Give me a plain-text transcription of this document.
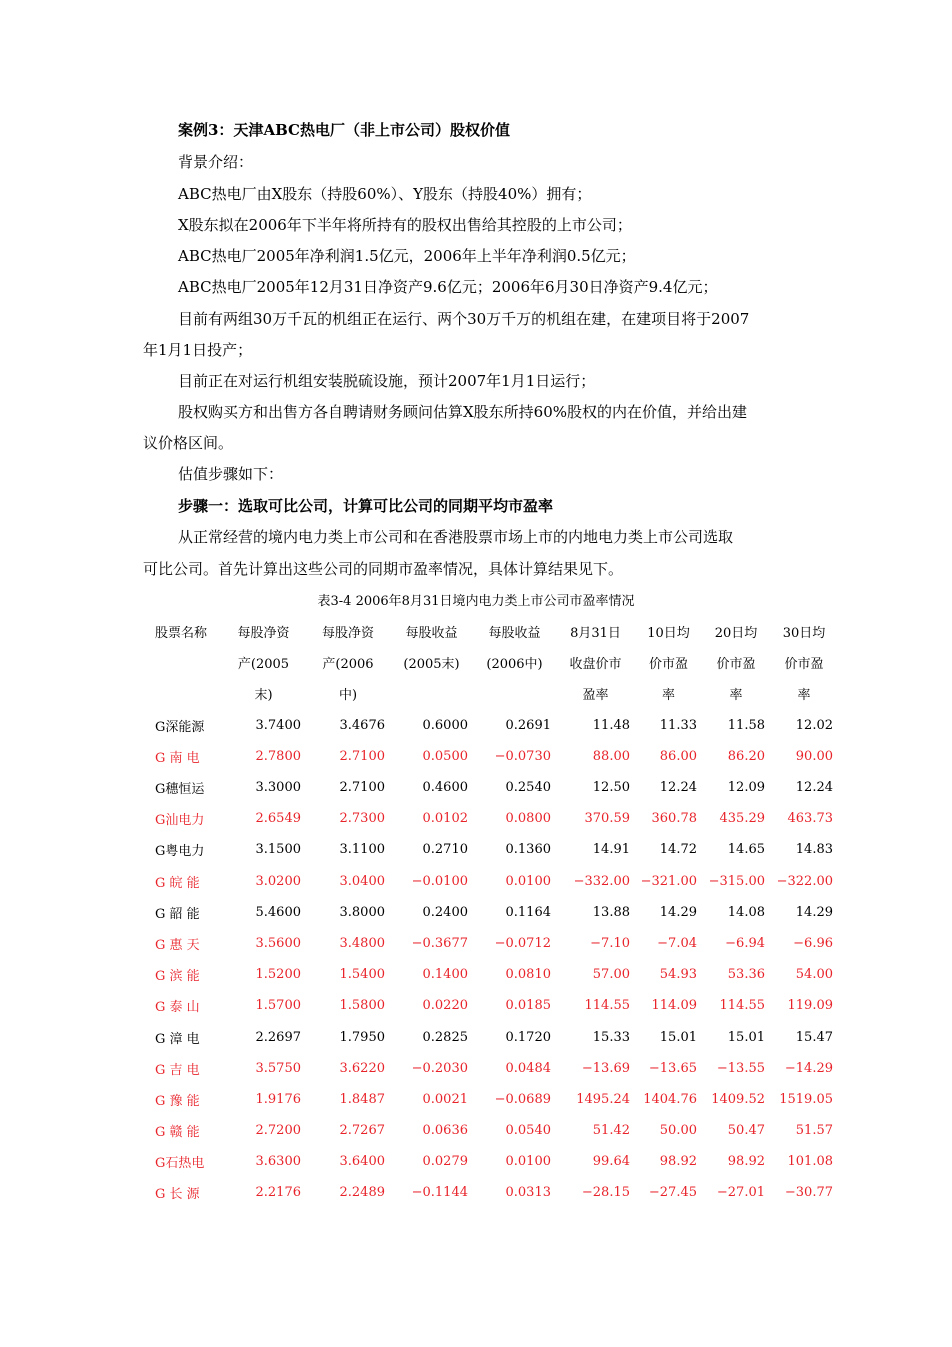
案例3：天津ABC热电厂（非上市公司）股权价值
背景介绍：
ABC热电厂由X股东（持股60%）、Y股东（持股40%）拥有；
X股东拟在2006年下半年将所持有的股权出售给其控股的上市公司；
ABC热电厂2005年净利润1.5亿元，2006年上半年净利润0.5亿元；
ABC热电厂2005年12月31日净资产9.6亿元；2006年6月30日净资产9.4亿元；
目前有两组30万千瓦的机组正在运行、两个30万千万的机组在建，在建项目将于2007
年1月1日投产；
目前正在对运行机组安装脱硫设施，预计2007年1月1日运行；
股权购买方和出售方各自聘请财务顾问估算X股东所持60%股权的内在价值，并给出建
议价格区间。
估值步骤如下：
步骤一：选取可比公司，计算可比公司的同期平均市盈率
从正常经营的境内电力类上市公司和在香港股票市场上市的内地电力类上市公司选取
可比公司。首先计算出这些公司的同期市盈率情况，具体计算结果见下。
表3-4 2006年8月31日境内电力类上市公司市盈率情况
股票名称	每股净资	每股净资	每股收益	每股收益	8月31日	10日均	20日均	30日均
	产(2005	产(2006	(2005末)	(2006中)	收盘价市	价市盈	价市盈	价市盈
	末)	中)			盈率	率	率	率
G深能源	3.7400	3.4676	0.6000	0.2691	11.48	11.33	11.58	12.02
G 南 电	2.7800	2.7100	0.0500	−0.0730	88.00	86.00	86.20	90.00
G穗恒运	3.3000	2.7100	0.4600	0.2540	12.50	12.24	12.09	12.24
G汕电力	2.6549	2.7300	0.0102	0.0800	370.59	360.78	435.29	463.73
G粤电力	3.1500	3.1100	0.2710	0.1360	14.91	14.72	14.65	14.83
G 皖 能	3.0200	3.0400	−0.0100	0.0100	−332.00	−321.00	−315.00	−322.00
G 韶 能	5.4600	3.8000	0.2400	0.1164	13.88	14.29	14.08	14.29
G 惠 天	3.5600	3.4800	−0.3677	−0.0712	−7.10	−7.04	−6.94	−6.96
G 滨 能	1.5200	1.5400	0.1400	0.0810	57.00	54.93	53.36	54.00
G 泰 山	1.5700	1.5800	0.0220	0.0185	114.55	114.09	114.55	119.09
G 漳 电	2.2697	1.7950	0.2825	0.1720	15.33	15.01	15.01	15.47
G 吉 电	3.5750	3.6220	−0.2030	0.0484	−13.69	−13.65	−13.55	−14.29
G 豫 能	1.9176	1.8487	0.0021	−0.0689	1495.24	1404.76	1409.52	1519.05
G 赣 能	2.7200	2.7267	0.0636	0.0540	51.42	50.00	50.47	51.57
G石热电	3.6300	3.6400	0.0279	0.0100	99.64	98.92	98.92	101.08
G 长 源	2.2176	2.2489	−0.1144	0.0313	−28.15	−27.45	−27.01	−30.77
